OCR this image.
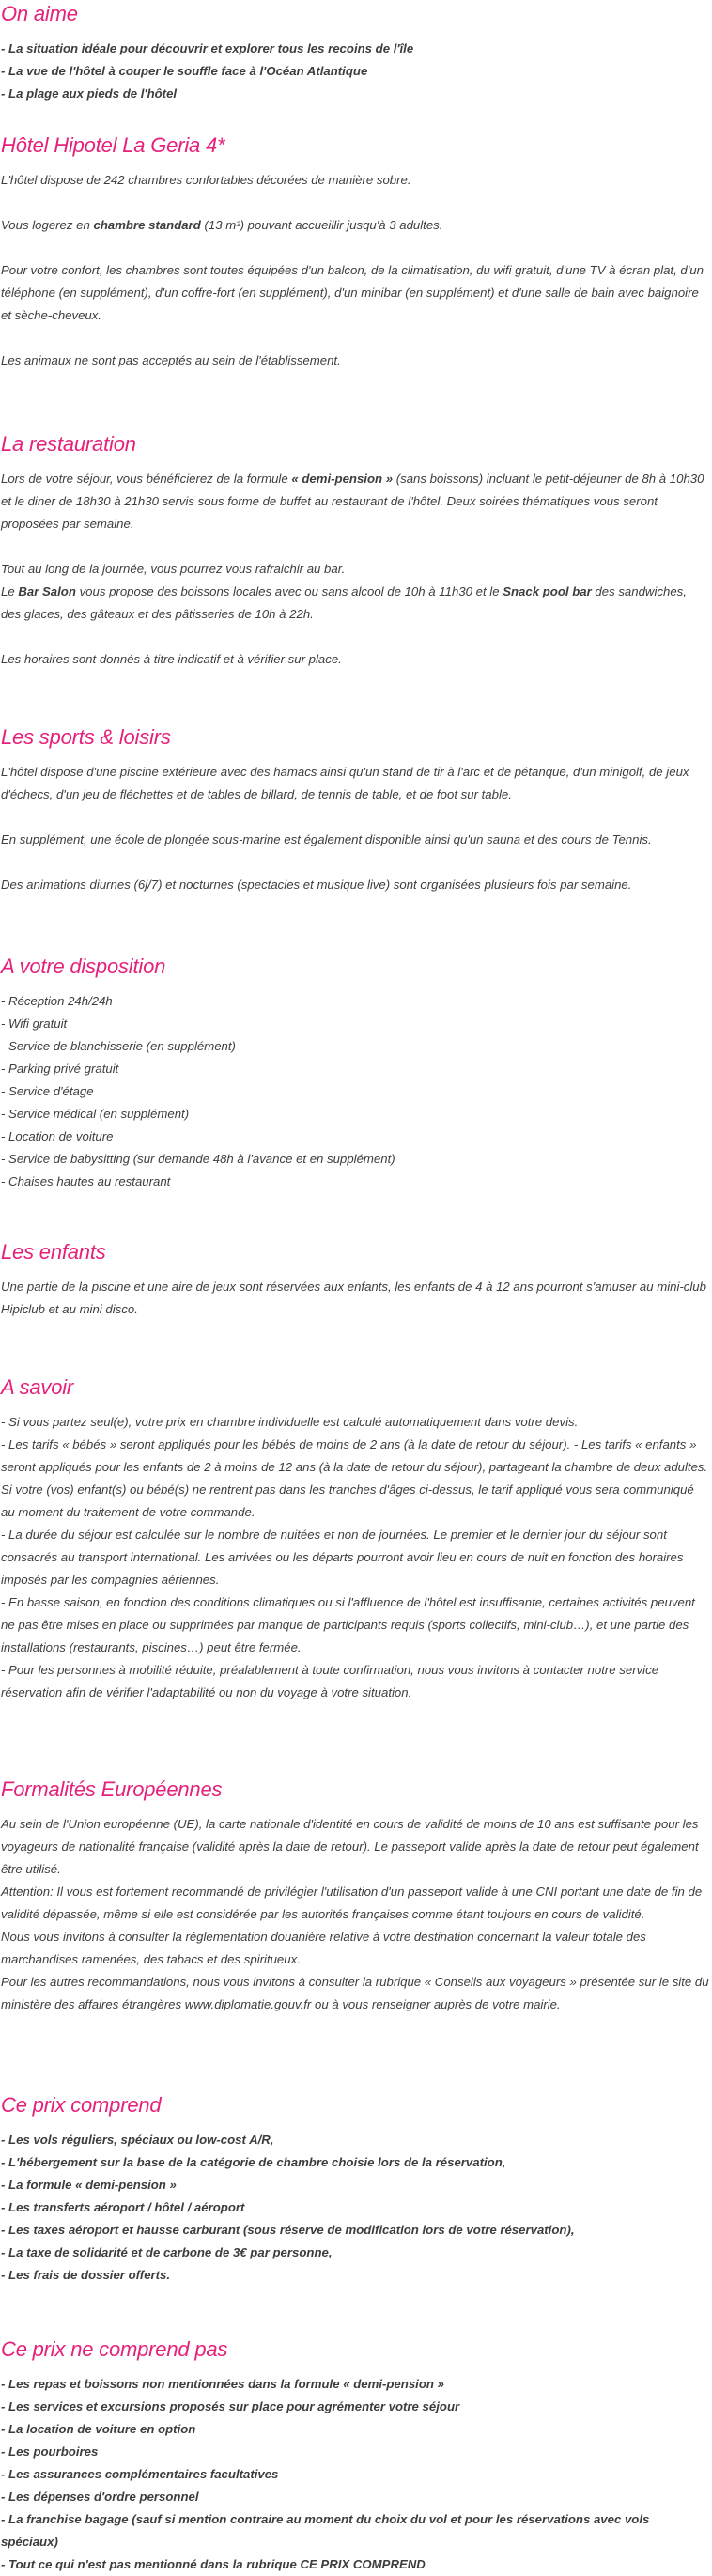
On aime

- La situation idéale pour découvrir et explorer tous les recoins de l'île

- La vue de l'hôtel à couper le souffle face à l'Océan Atlantique

- La plage aux pieds de l'hôtel

Hôtel Hipotel La Geria 4*

L'hôtel dispose de 242 chambres confortables décorées de manière sobre.

Vous logerez en chambre standard (13 m²) pouvant accueillir jusqu'à 3 adultes.

Pour votre confort, les chambres sont toutes équipées d'un balcon, de la climatisation, du wifi gratuit, d'une TV à écran plat, d'un téléphone (en supplément), d'un coffre-fort (en supplément), d'un minibar (en supplément) et d'une salle de bain avec baignoire et sèche-cheveux.

Les animaux ne sont pas acceptés au sein de l'établissement.

La restauration

Lors de votre séjour, vous bénéficierez de la formule « demi-pension » (sans boissons) incluant le petit-déjeuner de 8h à 10h30 et le diner de 18h30 à 21h30 servis sous forme de buffet au restaurant de l'hôtel. Deux soirées thématiques vous seront proposées par semaine.

Tout au long de la journée, vous pourrez vous rafraichir au bar.

Le Bar Salon vous propose des boissons locales avec ou sans alcool de 10h à 11h30 et le Snack pool bar des sandwiches, des glaces, des gâteaux et des pâtisseries de 10h à 22h.

Les horaires sont donnés à titre indicatif et à vérifier sur place.

Les sports & loisirs

L'hôtel dispose d'une piscine extérieure avec des hamacs ainsi qu'un stand de tir à l'arc et de pétanque, d'un minigolf, de jeux d'échecs, d'un jeu de fléchettes et de tables de billard, de tennis de table, et de foot sur table.

En supplément, une école de plongée sous-marine est également disponible ainsi qu'un sauna et des cours de Tennis.

Des animations diurnes (6j/7) et nocturnes (spectacles et musique live) sont organisées plusieurs fois par semaine.

A votre disposition

- Réception 24h/24h

- Wifi gratuit

- Service de blanchisserie (en supplément)

- Parking privé gratuit

- Service d'étage

- Service médical (en supplément)

- Location de voiture

- Service de babysitting (sur demande 48h à l'avance et en supplément)

- Chaises hautes au restaurant

Les enfants

Une partie de la piscine et une aire de jeux sont réservées aux enfants, les enfants de 4 à 12 ans pourront s'amuser au mini-club Hipiclub et au mini disco.

A savoir

- Si vous partez seul(e), votre prix en chambre individuelle est calculé automatiquement dans votre devis.

- Les tarifs « bébés » seront appliqués pour les bébés de moins de 2 ans (à la date de retour du séjour). - Les tarifs « enfants » seront appliqués pour les enfants de 2 à moins de 12 ans (à la date de retour du séjour), partageant la chambre de deux adultes.

Si votre (vos) enfant(s) ou bébé(s) ne rentrent pas dans les tranches d'âges ci-dessus, le tarif appliqué vous sera communiqué au moment du traitement de votre commande.

- La durée du séjour est calculée sur le nombre de nuitées et non de journées. Le premier et le dernier jour du séjour sont consacrés au transport international. Les arrivées ou les départs pourront avoir lieu en cours de nuit en fonction des horaires imposés par les compagnies aériennes.

- En basse saison, en fonction des conditions climatiques ou si l'affluence de l'hôtel est insuffisante, certaines activités peuvent ne pas être mises en place ou supprimées par manque de participants requis (sports collectifs, mini-club…), et une partie des installations (restaurants, piscines…) peut être fermée.

- Pour les personnes à mobilité réduite, préalablement à toute confirmation, nous vous invitons à contacter notre service réservation afin de vérifier l'adaptabilité ou non du voyage à votre situation.

Formalités Européennes

Au sein de l'Union européenne (UE), la carte nationale d'identité en cours de validité de moins de 10 ans est suffisante pour les voyageurs de nationalité française (validité après la date de retour). Le passeport valide après la date de retour peut également être utilisé.

Attention: Il vous est fortement recommandé de privilégier l'utilisation d'un passeport valide à une CNI portant une date de fin de validité dépassée, même si elle est considérée par les autorités françaises comme étant toujours en cours de validité.

Nous vous invitons à consulter la réglementation douanière relative à votre destination concernant la valeur totale des marchandises ramenées, des tabacs et des spiritueux.

Pour les autres recommandations, nous vous invitons à consulter la rubrique « Conseils aux voyageurs » présentée sur le site du ministère des affaires étrangères www.diplomatie.gouv.fr ou à vous renseigner auprès de votre mairie.

Ce prix comprend

- Les vols réguliers, spéciaux ou low-cost A/R,

- L'hébergement sur la base de la catégorie de chambre choisie lors de la réservation,

- La formule « demi-pension »

- Les transferts aéroport / hôtel / aéroport

- Les taxes aéroport et hausse carburant (sous réserve de modification lors de votre réservation),

- La taxe de solidarité et de carbone de 3€ par personne,

- Les frais de dossier offerts.

Ce prix ne comprend pas

- Les repas et boissons non mentionnées dans la formule « demi-pension »

- Les services et excursions proposés sur place pour agrémenter votre séjour

- La location de voiture en option

- Les pourboires

- Les assurances complémentaires facultatives

- Les dépenses d'ordre personnel

- La franchise bagage (sauf si mention contraire au moment du choix du vol et pour les réservations avec vols spéciaux)

- Tout ce qui n'est pas mentionné dans la rubrique CE PRIX COMPREND
